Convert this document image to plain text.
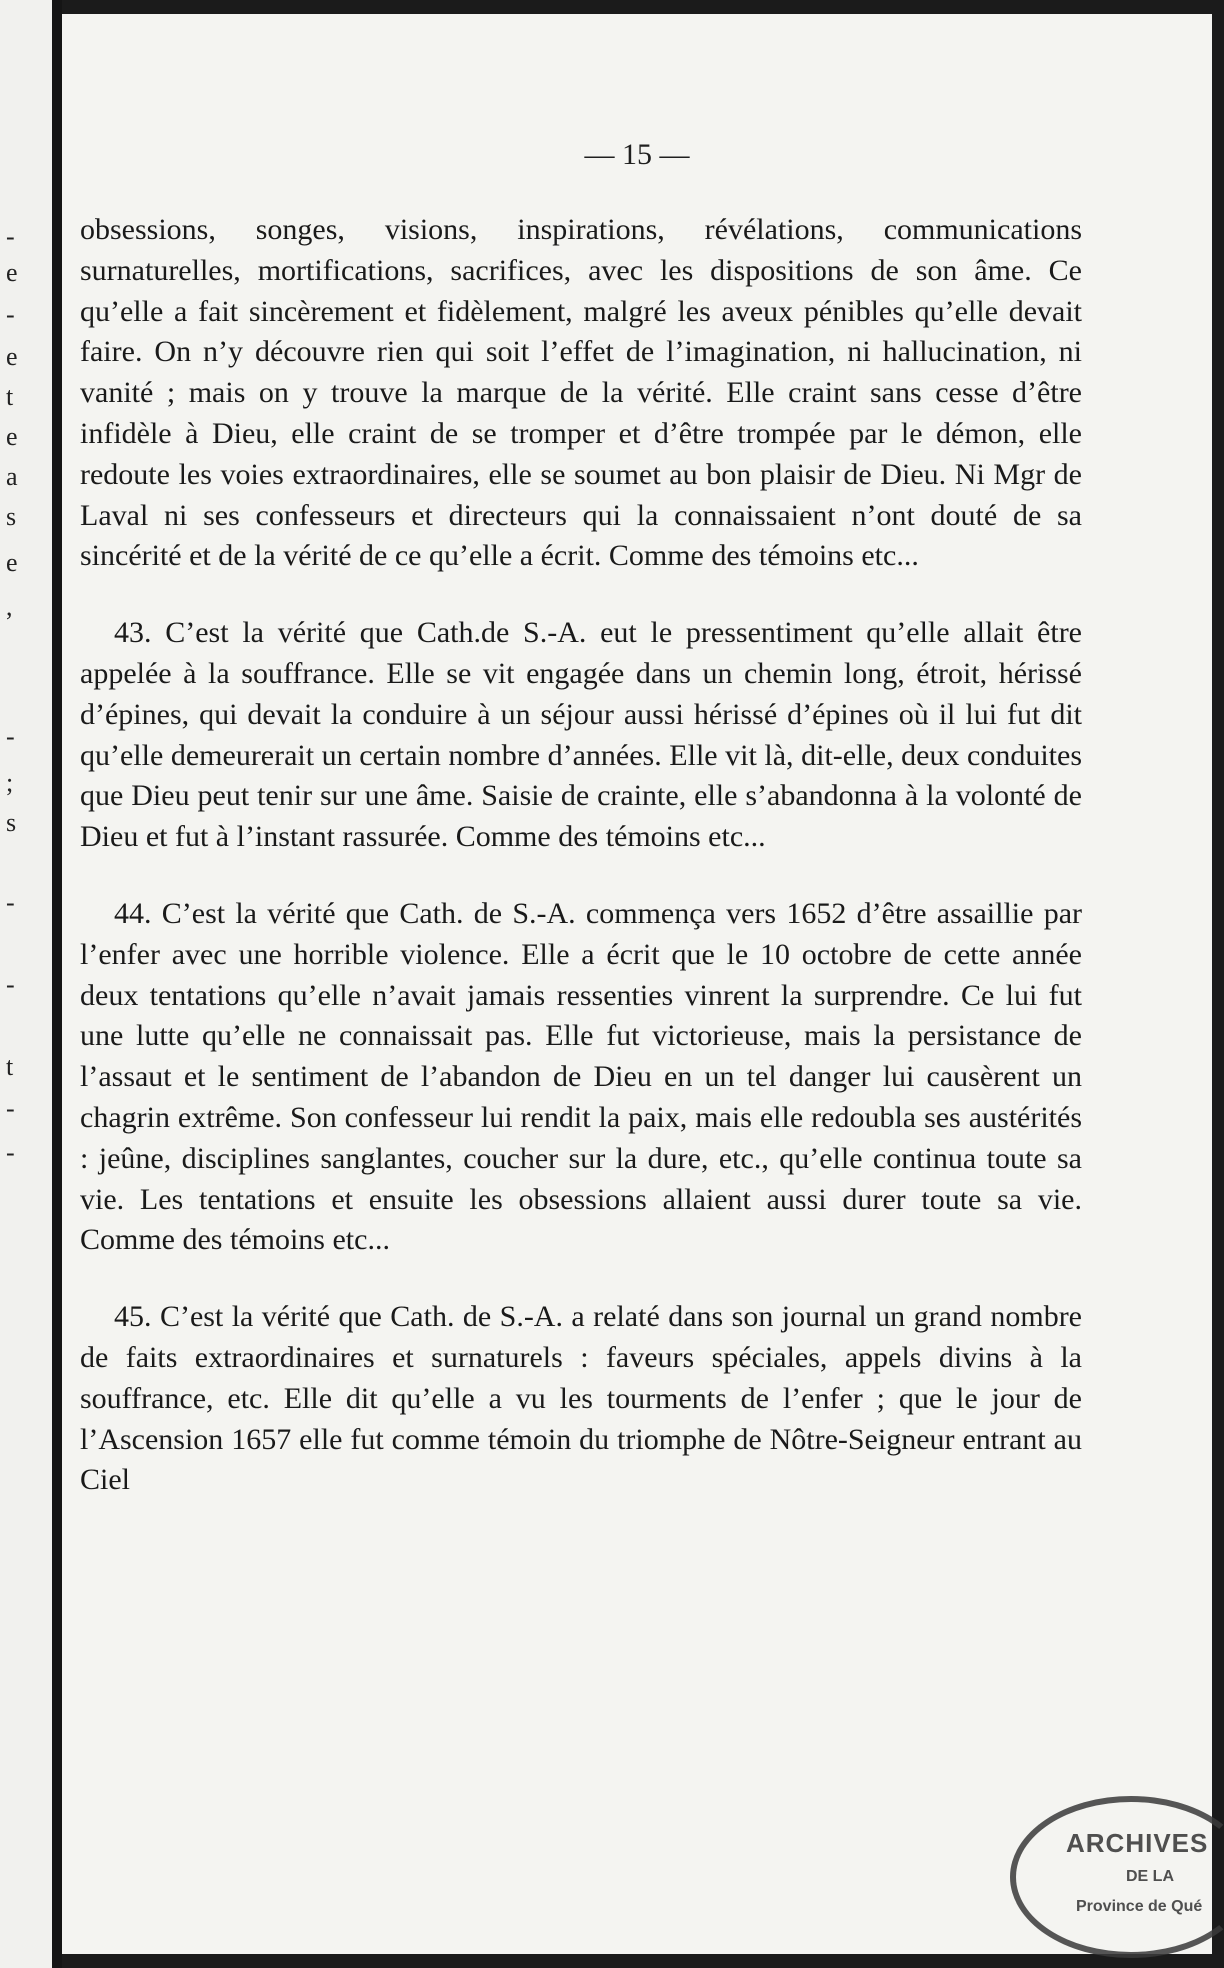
-
e
-
e
t
e
a
s
e
,
-
;
s
-
-
t
-
-
— 15 —

obsessions, songes, visions, inspirations, révélations, communications surnaturelles, mortifications, sacrifices, avec les dispositions de son âme. Ce qu’elle a fait sincèrement et fidèlement, malgré les aveux pénibles qu’elle devait faire. On n’y découvre rien qui soit l’effet de l’imagination, ni hallucination, ni vanité ; mais on y trouve la marque de la vérité. Elle craint sans cesse d’être infidèle à Dieu, elle craint de se tromper et d’être trompée par le démon, elle redoute les voies extraordinaires, elle se soumet au bon plaisir de Dieu. Ni Mgr de Laval ni ses confesseurs et directeurs qui la connaissaient n’ont douté de sa sincérité et de la vérité de ce qu’elle a écrit. Comme des témoins etc...

43. C’est la vérité que Cath.de S.-A. eut le pressentiment qu’elle allait être appelée à la souffrance. Elle se vit engagée dans un chemin long, étroit, hérissé d’épines, qui devait la conduire à un séjour aussi hérissé d’épines où il lui fut dit qu’elle demeurerait un certain nombre d’années. Elle vit là, dit-elle, deux conduites que Dieu peut tenir sur une âme. Saisie de crainte, elle s’abandonna à la volonté de Dieu et fut à l’instant rassurée. Comme des témoins etc...

44. C’est la vérité que Cath. de S.-A. commença vers 1652 d’être assaillie par l’enfer avec une horrible violence. Elle a écrit que le 10 octobre de cette année deux tentations qu’elle n’avait jamais ressenties vinrent la surprendre. Ce lui fut une lutte qu’elle ne connaissait pas. Elle fut victorieuse, mais la persistance de l’assaut et le sentiment de l’abandon de Dieu en un tel danger lui causèrent un chagrin extrême. Son confesseur lui rendit la paix, mais elle redoubla ses austérités : jeûne, disciplines sanglantes, coucher sur la dure, etc., qu’elle continua toute sa vie. Les tentations et ensuite les obsessions allaient aussi durer toute sa vie. Comme des témoins etc...

45. C’est la vérité que Cath. de S.-A. a relaté dans son journal un grand nombre de faits extraordinaires et surnaturels : faveurs spéciales, appels divins à la souffrance, etc. Elle dit qu’elle a vu les tourments de l’enfer ; que le jour de l’Ascension 1657 elle fut comme témoin du triomphe de Nôtre-Seigneur entrant au Ciel

ARCHIVES
DE LA
Province de Qué
